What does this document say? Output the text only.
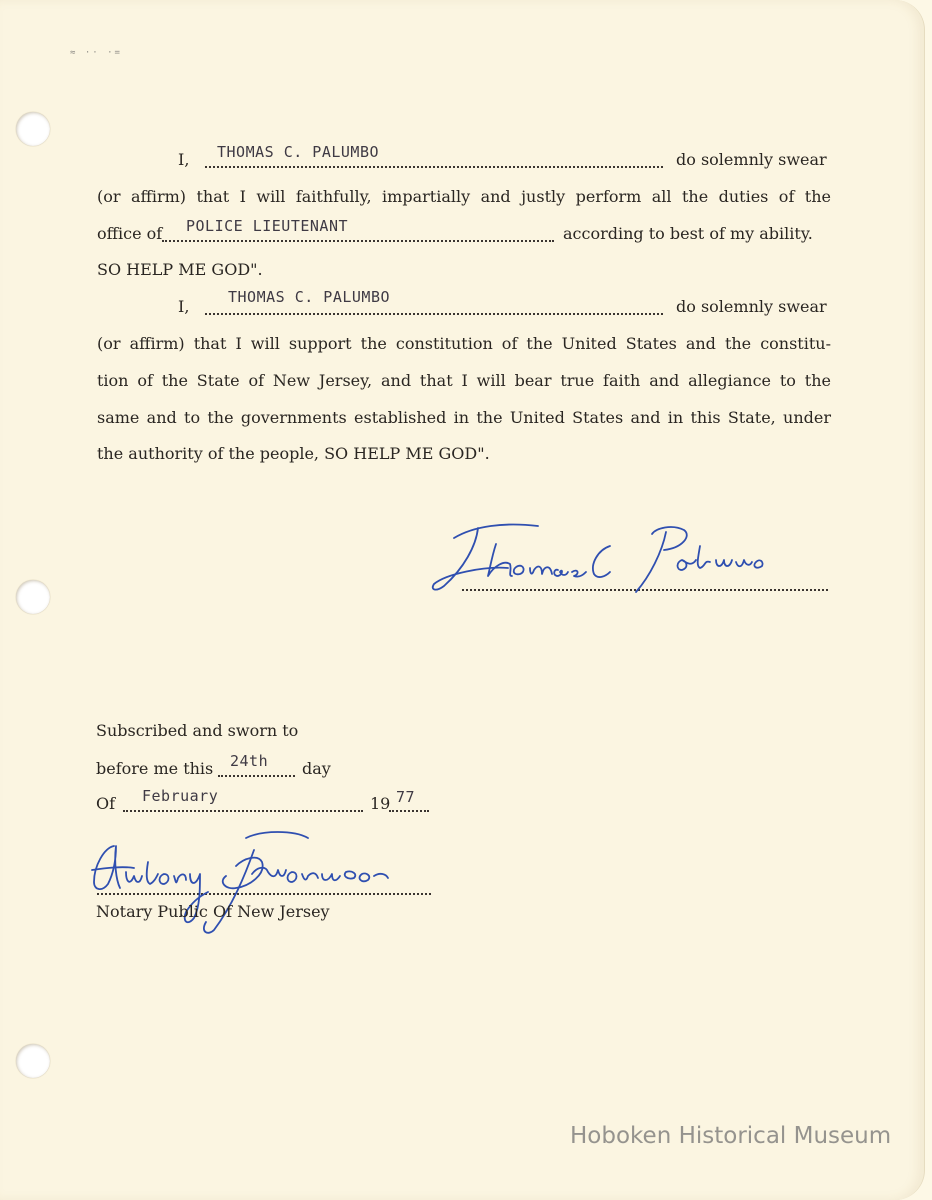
≈ ·· ·=
I, THOMAS C. PALUMBO	do solemnly swear
(or affirm) that I will faithfully, impartially and justly perform all the duties of the
office of POLICE LIEUTENANT	according to best of my ability.
SO HELP ME GOD".
I,	THOMAS C. PALUMBO	do solemnly swear
(or affirm) that I will support the constitution of the United States and the constitu-
tion of the State of New Jersey, and that I will bear true faith and allegiance to the
same and to the governments established in the United States and in this State, under
the authority of the people, SO HELP ME GOD".
Subscribed and sworn to
before me this 24th day
Of February	19 77
Notary Public Of New Jersey
Hoboken Historical Museum
